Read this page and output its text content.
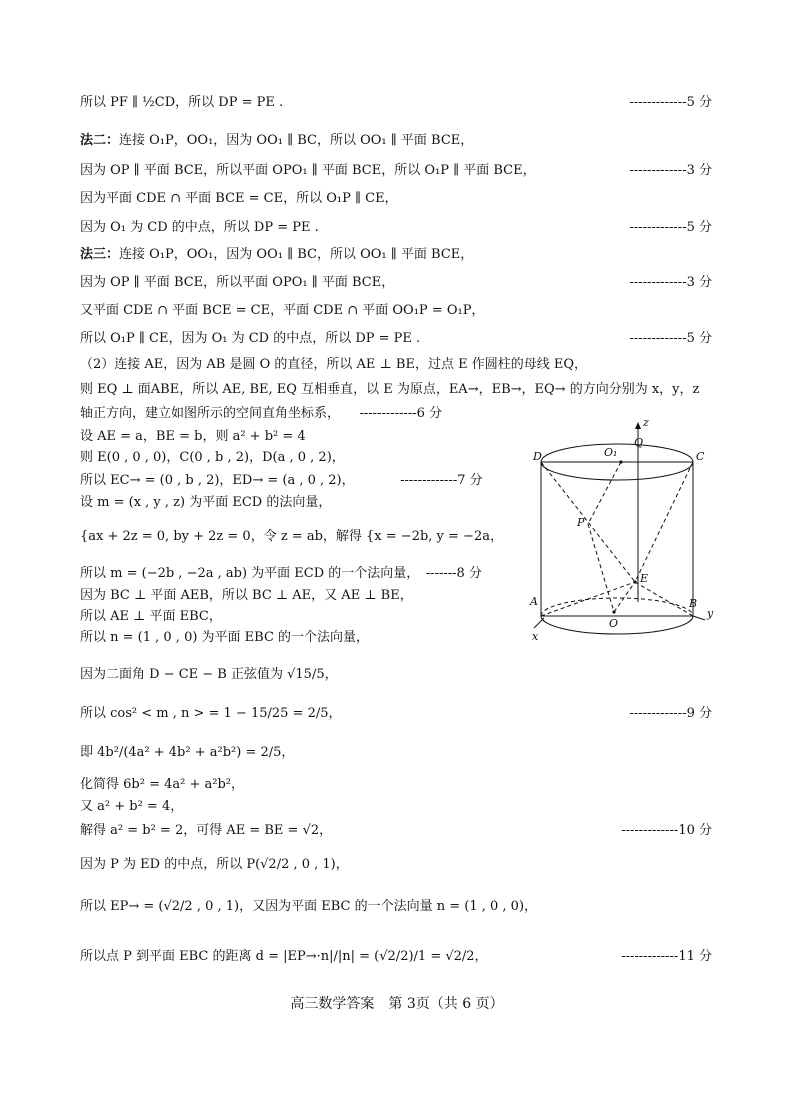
所以 PF ∥ ½CD，所以 DP = PE .	-------------5 分
法二：连接 O₁P，OO₁，因为 OO₁ ∥ BC，所以 OO₁ ∥ 平面 BCE，
因为 OP ∥ 平面 BCE，所以平面 OPO₁ ∥ 平面 BCE，所以 O₁P ∥ 平面 BCE，	-------------3 分
因为平面 CDE ∩ 平面 BCE = CE，所以 O₁P ∥ CE，
因为 O₁ 为 CD 的中点，所以 DP = PE .	-------------5 分
法三：连接 O₁P，OO₁，因为 OO₁ ∥ BC，所以 OO₁ ∥ 平面 BCE，
因为 OP ∥ 平面 BCE，所以平面 OPO₁ ∥ 平面 BCE，	-------------3 分
又平面 CDE ∩ 平面 BCE = CE，平面 CDE ∩ 平面 OO₁P = O₁P，
所以 O₁P ∥ CE，因为 O₁ 为 CD 的中点，所以 DP = PE .	-------------5 分
（2）连接 AE，因为 AB 是圆 O 的直径，所以 AE ⊥ BE，过点 E 作圆柱的母线 EQ，
则 EQ ⊥ 面ABE，所以 AE, BE, EQ 互相垂直，以 E 为原点，EA→，EB→，EQ→ 的方向分别为 x，y，z
轴正方向，建立如图所示的空间直角坐标系，　　-------------6 分
设 AE = a，BE = b，则 a² + b² = 4
则 E(0 , 0 , 0)，C(0 , b , 2)，D(a , 0 , 2)，
所以 EC→ = (0 , b , 2)，ED→ = (a , 0 , 2)，　　　　-------------7 分
设 m = (x , y , z) 为平面 ECD 的法向量，
{ax + 2z = 0, by + 2z = 0，令 z = ab，解得 {x = −2b, y = −2a，
所以 m = (−2b , −2a , ab) 为平面 ECD 的一个法向量，　-------8 分
因为 BC ⊥ 平面 AEB，所以 BC ⊥ AE，又 AE ⊥ BE，
所以 AE ⊥ 平面 EBC，
所以 n = (1 , 0 , 0) 为平面 EBC 的一个法向量，
因为二面角 D − CE − B 正弦值为 √15/5，
所以 cos² < m , n > = 1 − 15/25 = 2/5，	-------------9 分
即 4b²/(4a² + 4b² + a²b²) = 2/5，
化简得 6b² = 4a² + a²b²，
又 a² + b² = 4，
解得 a² = b² = 2，可得 AE = BE = √2，	-------------10 分
因为 P 为 ED 的中点，所以 P(√2/2 , 0 , 1)，
所以 EP→ = (√2/2 , 0 , 1)，又因为平面 EBC 的一个法向量 n = (1 , 0 , 0)，
所以点 P 到平面 EBC 的距离 d = |EP→·n|/|n| = (√2/2)/1 = √2/2，	-------------11 分
z
Q
O₁
D	C
P
E
A	B
y
x
O
高三数学答案　第 3页（共 6 页）
